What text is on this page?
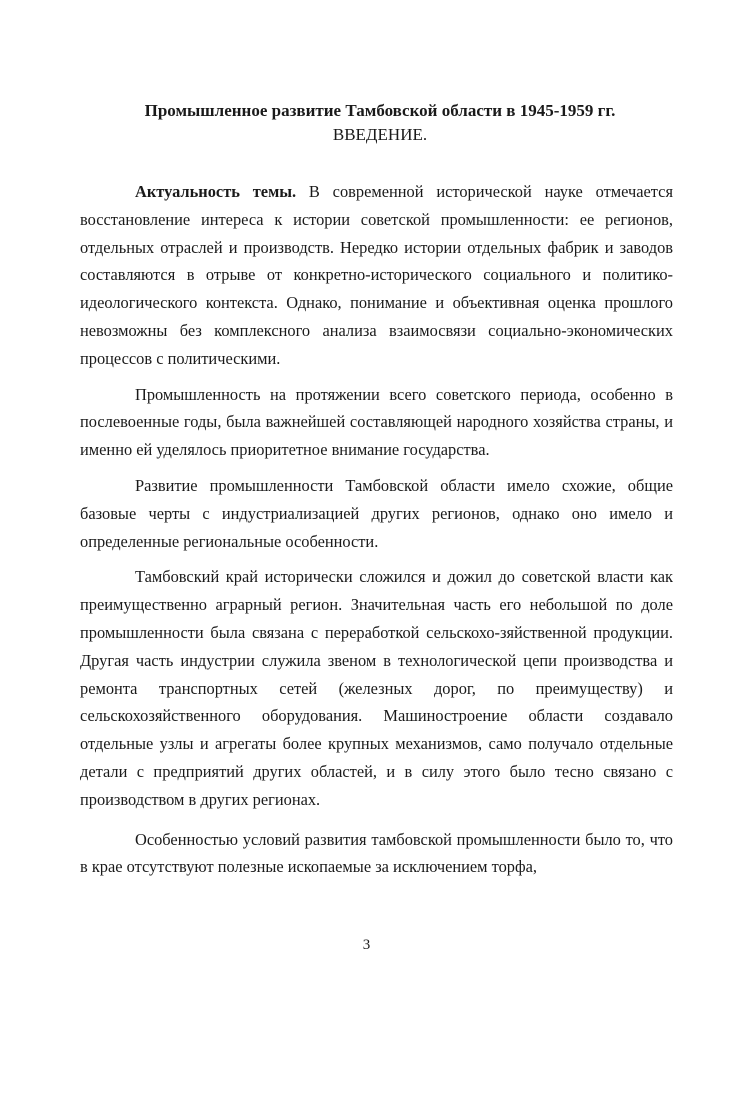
Промышленное развитие Тамбовской области в 1945-1959 гг.
ВВЕДЕНИЕ.

Актуальность темы. В современной исторической науке отмечается восстановление интереса к истории советской промышленности: ее регионов, отдельных отраслей и производств. Нередко истории отдельных фабрик и заводов составляются в отрыве от конкретно-исторического социального и политико-идеологического контекста. Однако, понимание и объективная оценка прошлого невозможны без комплексного анализа взаимосвязи социально-экономических процессов с политическими.

Промышленность на протяжении всего советского периода, особенно в послевоенные годы, была важнейшей составляющей народного хозяйства страны, и именно ей уделялось приоритетное внимание государства.

Развитие промышленности Тамбовской области имело схожие, общие базовые черты с индустриализацией других регионов, однако оно имело и определенные региональные особенности.

Тамбовский край исторически сложился и дожил до советской власти как преимущественно аграрный регион. Значительная часть его небольшой по доле промышленности была связана с переработкой сельскохо-зяйственной продукции. Другая часть индустрии служила звеном в технологической цепи производства и ремонта транспортных сетей (железных дорог, по преимуществу) и сельскохозяйственного оборудования. Машиностроение области создавало отдельные узлы и агрегаты более крупных механизмов, само получало отдельные детали с предприятий других областей, и в силу этого было тесно связано с производством в других регионах.

Особенностью условий развития тамбовской промышленности было то, что в крае отсутствуют полезные ископаемые за исключением торфа,

3
